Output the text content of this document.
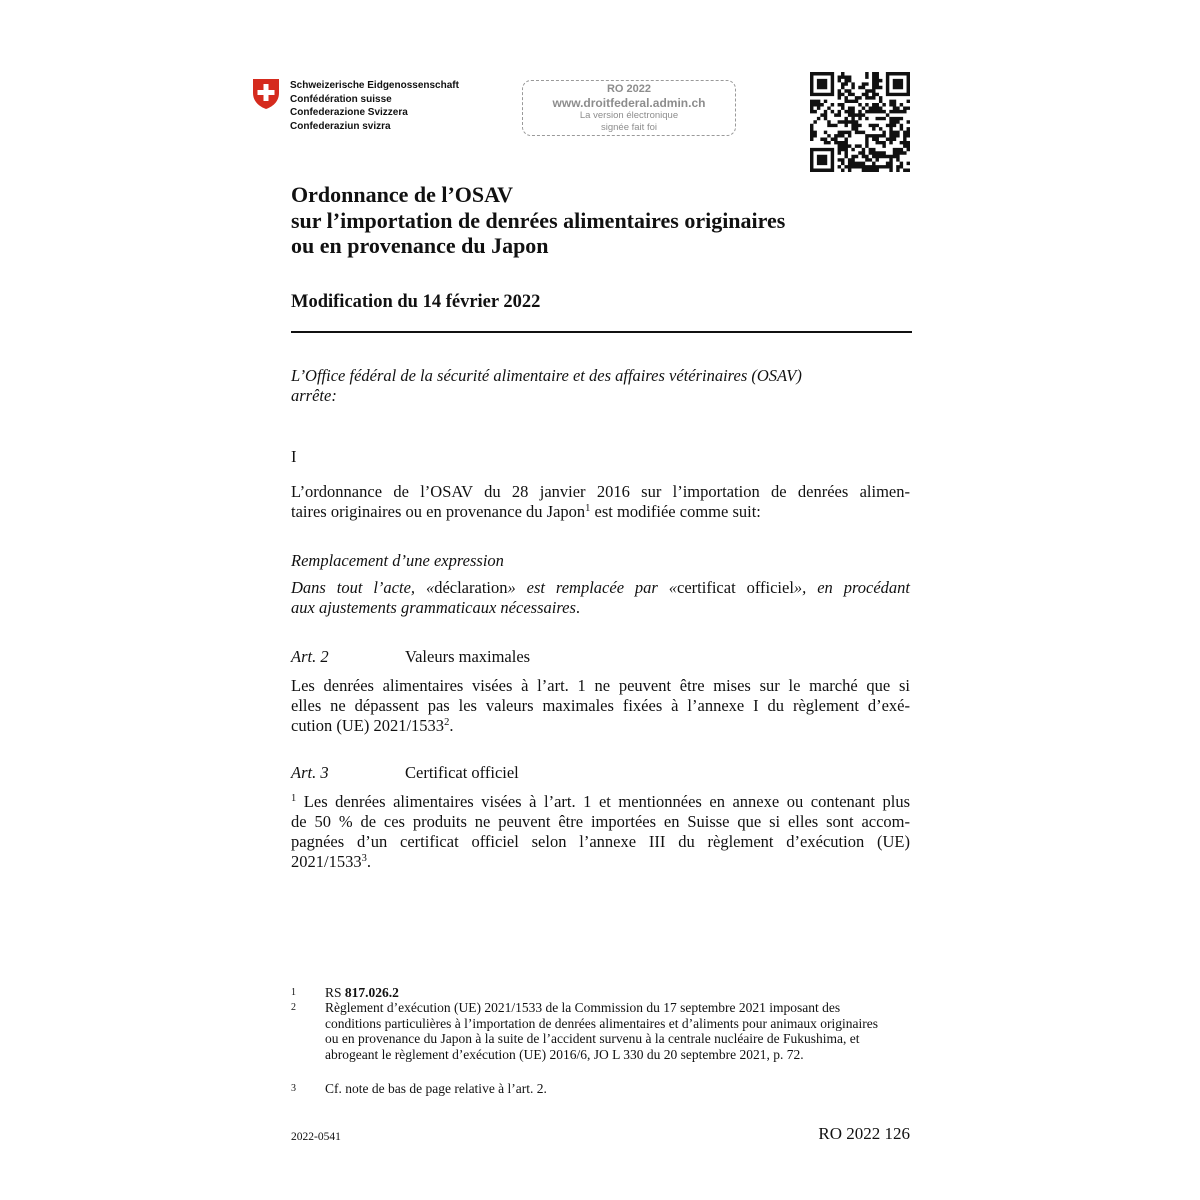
Schweizerische Eidgenossenschaft
Confédération suisse
Confederazione Svizzera
Confederaziun svizra
RO 2022
www.droitfederal.admin.ch
La version électronique
signée fait foi
Ordonnance de l’OSAV
sur l’importation de denrées alimentaires originaires
ou en provenance du Japon
Modification du 14 février 2022
L’Office fédéral de la sécurité alimentaire et des affaires vétérinaires (OSAV)
arrête:
I
L’ordonnance de l’OSAV du 28 janvier 2016 sur l’importation de denrées alimen-
taires originaires ou en provenance du Japon$^1$ est modifiée comme suit:
Remplacement d’une expression
Dans tout l’acte, «déclaration» est remplacée par «certificat officiel», en procédant
aux ajustements grammaticaux nécessaires.
Art. 2	Valeurs maximales
Les denrées alimentaires visées à l’art. 1 ne peuvent être mises sur le marché que si
elles ne dépassent pas les valeurs maximales fixées à l’annexe I du règlement d’exé-
cution (UE) 2021/1533$^2$.
Art. 3	Certificat officiel
$^1$ Les denrées alimentaires visées à l’art. 1 et mentionnées en annexe ou contenant plus
de 50 % de ces produits ne peuvent être importées en Suisse que si elles sont accom-
pagnées d’un certificat officiel selon l’annexe III du règlement d’exécution (UE)
2021/1533$^3$.
1 RS 817.026.2
2 Règlement d’exécution (UE) 2021/1533 de la Commission du 17 septembre 2021 imposant des conditions particulières à l’importation de denrées alimentaires et d’aliments pour animaux originaires ou en provenance du Japon à la suite de l’accident survenu à la centrale nucléaire de Fukushima, et abrogeant le règlement d’exécution (UE) 2016/6, JO L 330 du 20 septembre 2021, p. 72.
3 Cf. note de bas de page relative à l’art. 2.
2022-0541	RO 2022 126
